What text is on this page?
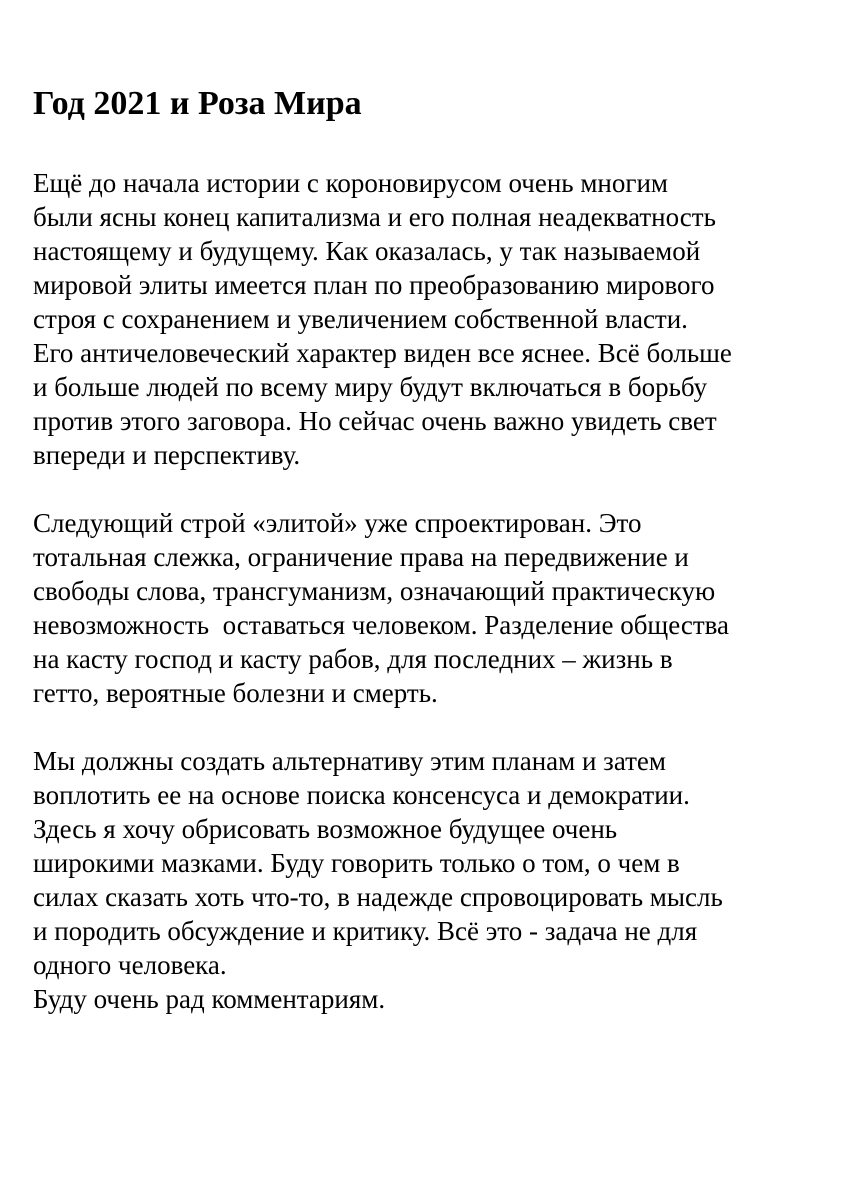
Год 2021 и Роза Мира
Ещё до начала истории с короновирусом очень многим
были ясны конец капитализма и его полная неадекватность
настоящему и будущему. Как оказалась, у так называемой
мировой элиты имеется план по преобразованию мирового
строя с сохранением и увеличением собственной власти.
Его античеловеческий характер виден все яснее. Всё больше
и больше людей по всему миру будут включаться в борьбу
против этого заговора. Но сейчас очень важно увидеть свет
впереди и перспективу.
Следующий строй «элитой» уже спроектирован. Это
тотальная слежка, ограничение права на передвижение и
свободы слова, трансгуманизм, означающий практическую
невозможность  оставаться человеком. Разделение общества
на касту господ и касту рабов, для последних – жизнь в
гетто, вероятные болезни и смерть.
Мы должны создать альтернативу этим планам и затем
воплотить ее на основе поиска консенсуса и демократии.
Здесь я хочу обрисовать возможное будущее очень
широкими мазками. Буду говорить только о том, о чем в
силах сказать хоть что-то, в надежде спровоцировать мысль
и породить обсуждение и критику. Всё это - задача не для
одного человека.
Буду очень рад комментариям.
